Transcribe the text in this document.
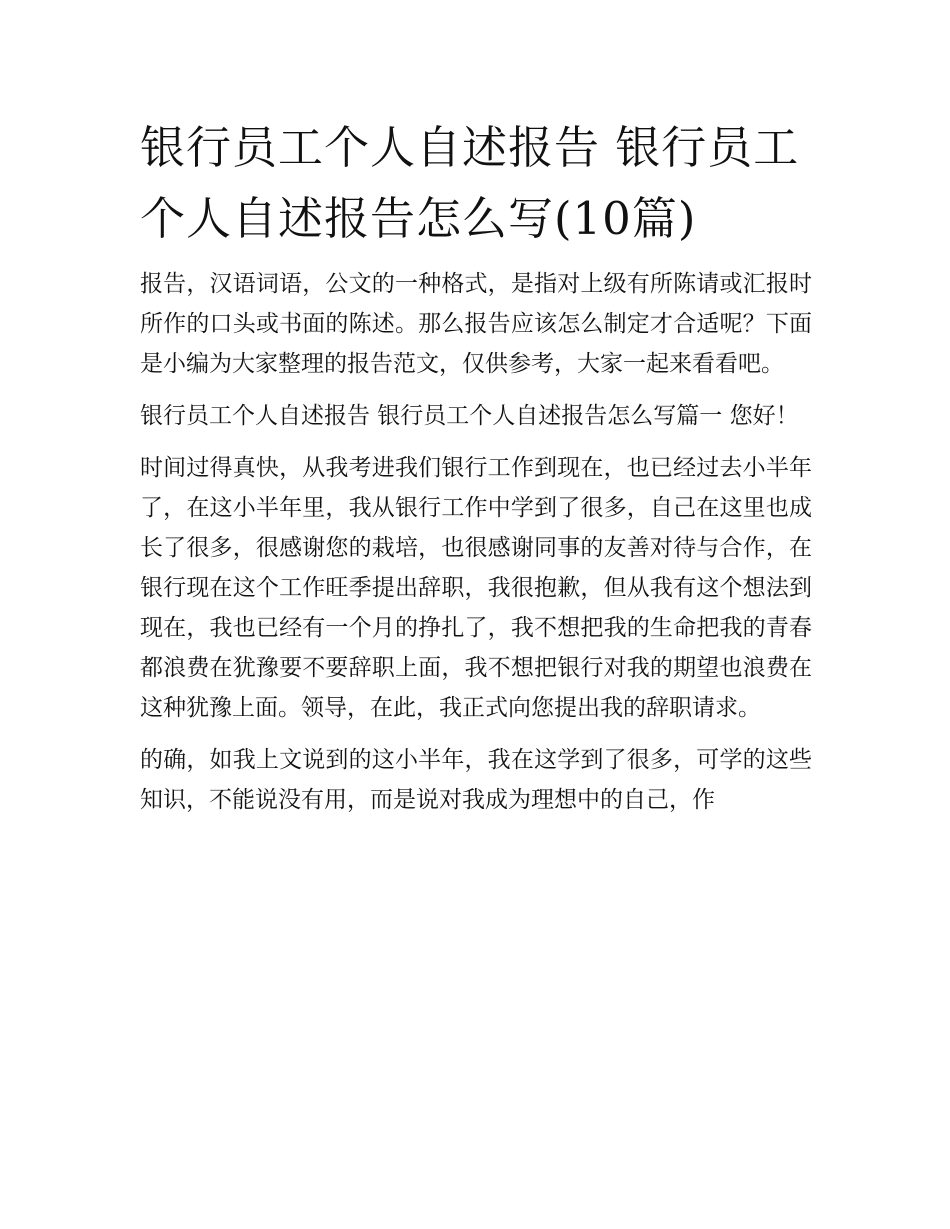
银行员工个人自述报告 银行员工个人自述报告怎么写(10篇)

报告，汉语词语，公文的一种格式，是指对上级有所陈请或汇报时所作的口头或书面的陈述。那么报告应该怎么制定才合适呢？下面是小编为大家整理的报告范文，仅供参考，大家一起来看看吧。

银行员工个人自述报告 银行员工个人自述报告怎么写篇一 您好！

时间过得真快，从我考进我们银行工作到现在，也已经过去小半年了，在这小半年里，我从银行工作中学到了很多，自己在这里也成长了很多，很感谢您的栽培，也很感谢同事的友善对待与合作，在银行现在这个工作旺季提出辞职，我很抱歉，但从我有这个想法到现在，我也已经有一个月的挣扎了，我不想把我的生命把我的青春都浪费在犹豫要不要辞职上面，我不想把银行对我的期望也浪费在这种犹豫上面。领导，在此，我正式向您提出我的辞职请求。

的确，如我上文说到的这小半年，我在这学到了很多，可学的这些知识，不能说没有用，而是说对我成为理想中的自己，作
